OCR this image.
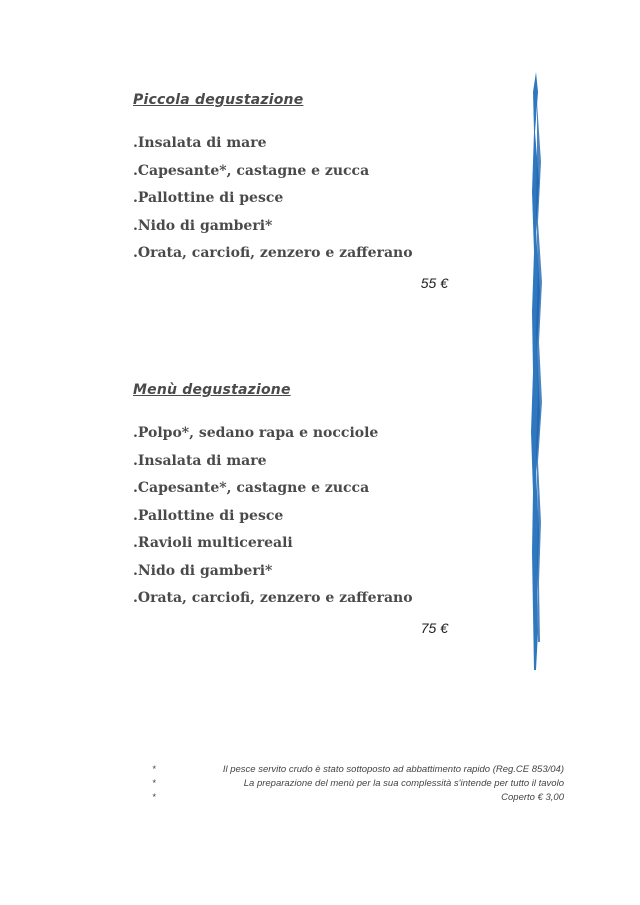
Piccola degustazione
.Insalata di mare
.Capesante*, castagne e zucca
.Pallottine di pesce
.Nido di gamberi*
.Orata, carciofi, zenzero e zafferano
55 €
Menù degustazione
.Polpo*, sedano rapa e nocciole
.Insalata di mare
.Capesante*, castagne e zucca
.Pallottine di pesce
.Ravioli multicereali
.Nido di gamberi*
.Orata, carciofi, zenzero e zafferano
75 €
*	Il pesce servito crudo è stato sottoposto ad abbattimento rapido (Reg.CE 853/04)
*	La preparazione del menù per la sua complessità s'intende per tutto il tavolo
*	Coperto € 3,00
